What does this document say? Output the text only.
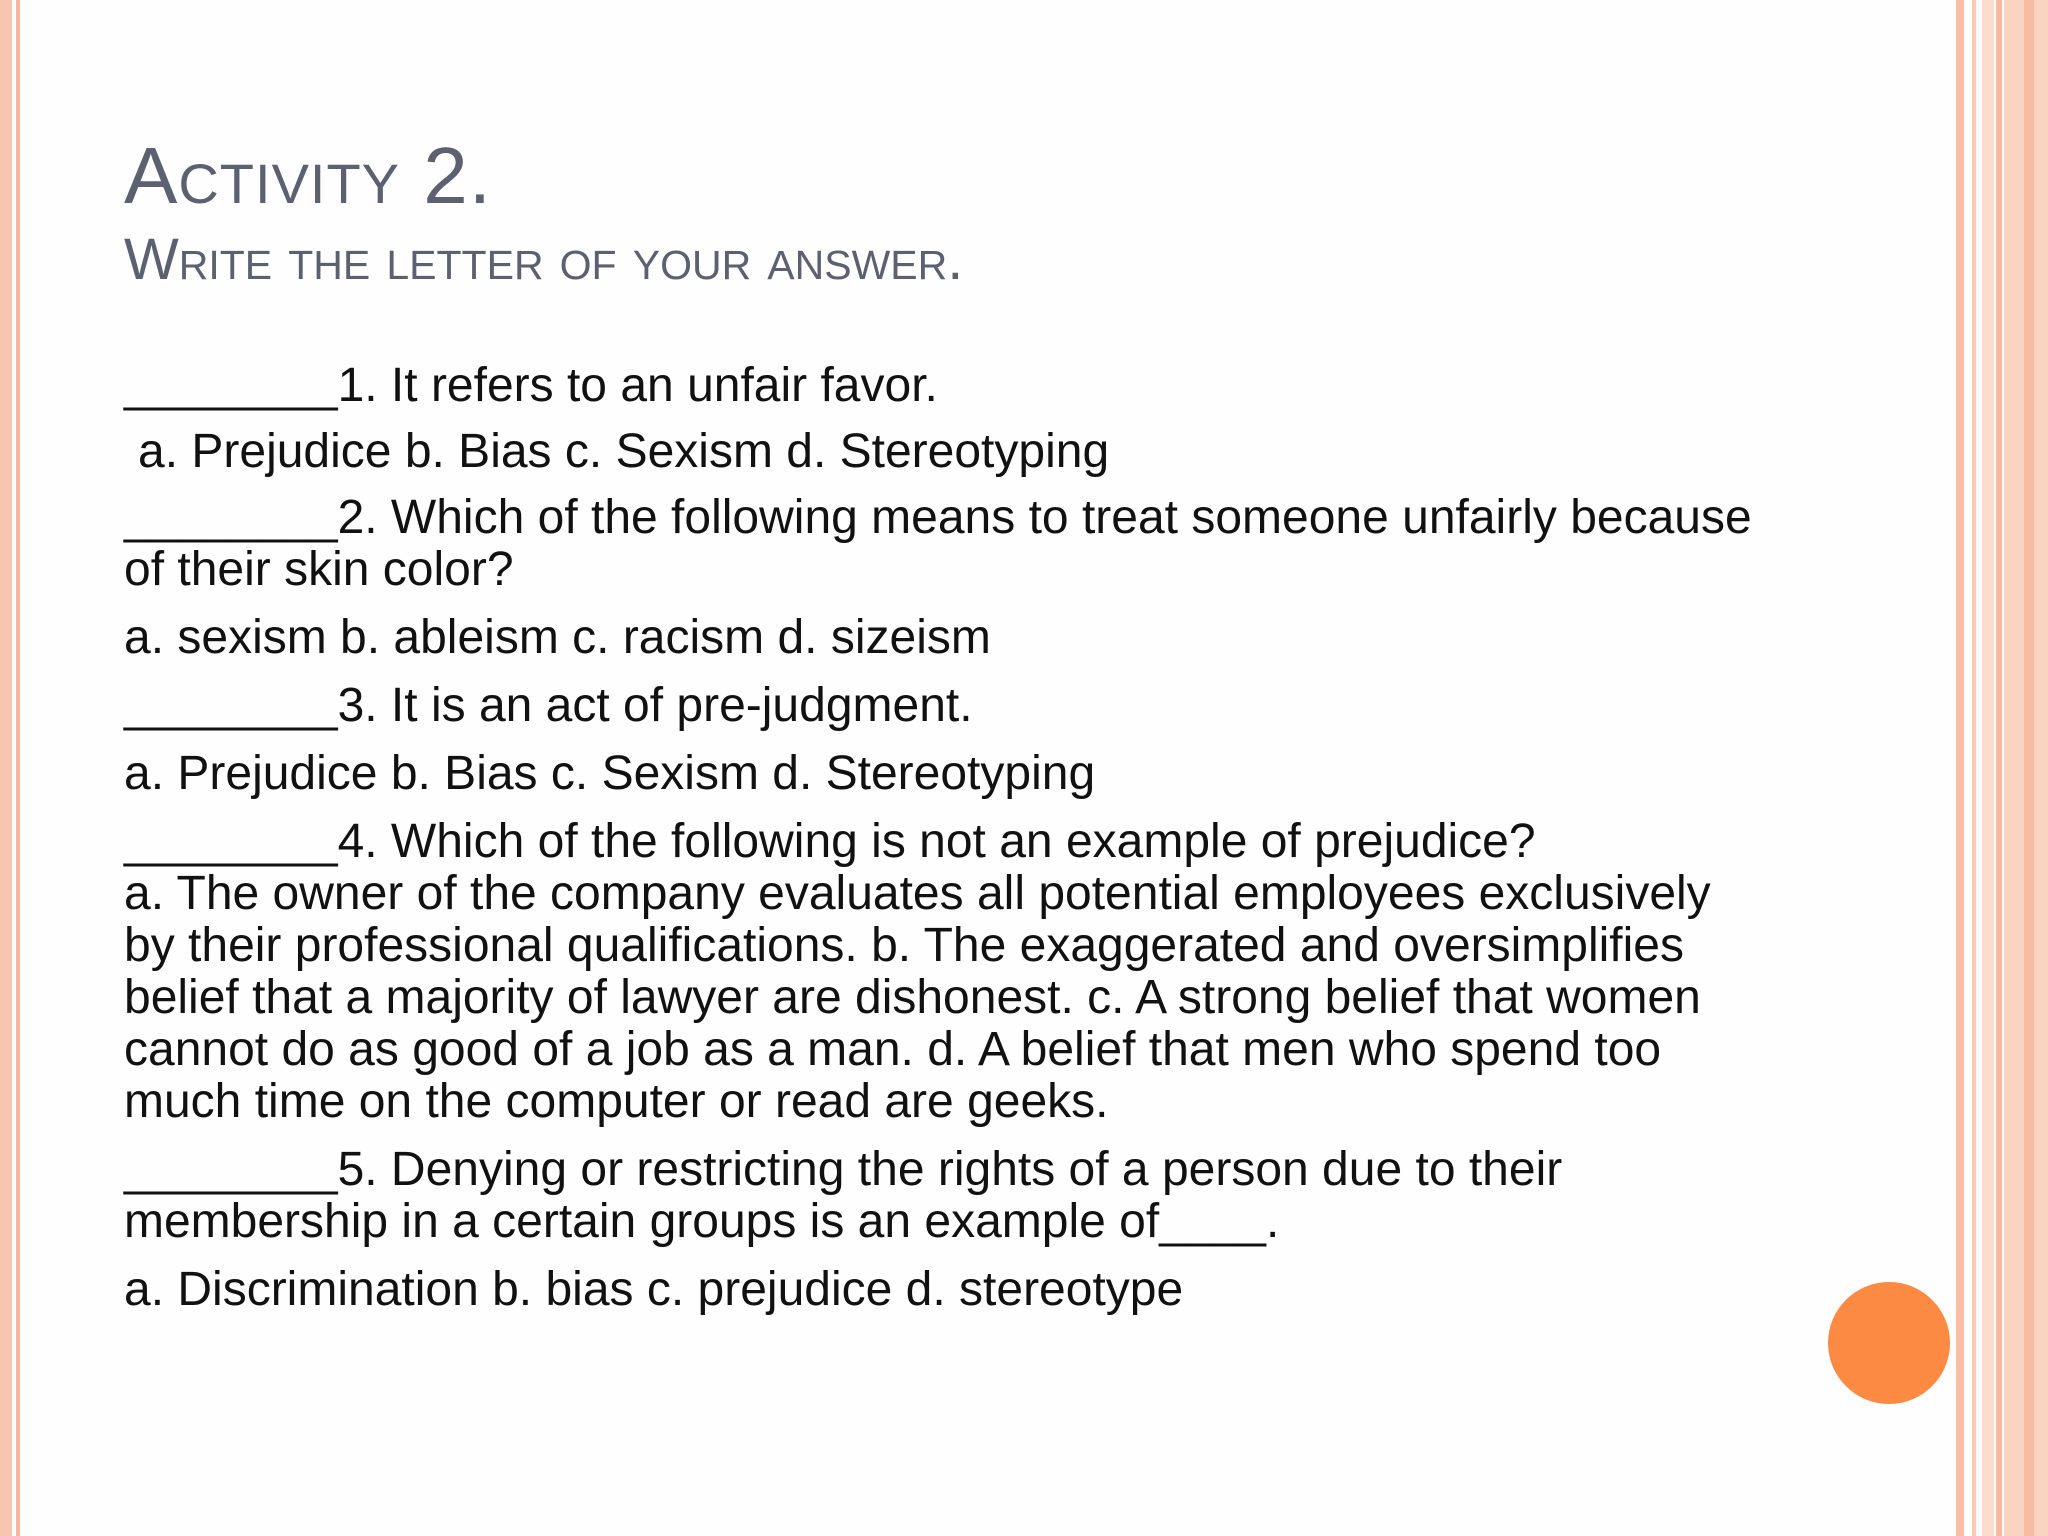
Activity 2.
Write the letter of your answer.

________1. It refers to an unfair favor.

a. Prejudice b. Bias c. Sexism d. Stereotyping

________2. Which of the following means to treat someone unfairly because of their skin color?

a. sexism b. ableism c. racism d. sizeism

________3. It is an act of pre-judgment.

a. Prejudice b. Bias c. Sexism d. Stereotyping

________4. Which of the following is not an example of prejudice?

a. The owner of the company evaluates all potential employees exclusively by their professional qualifications. b. The exaggerated and oversimplifies belief that a majority of lawyer are dishonest. c. A strong belief that women cannot do as good of a job as a man. d. A belief that men who spend too much time on the computer or read are geeks.

________5. Denying or restricting the rights of a person due to their membership in a certain groups is an example of____.

a. Discrimination b. bias c. prejudice d. stereotype
